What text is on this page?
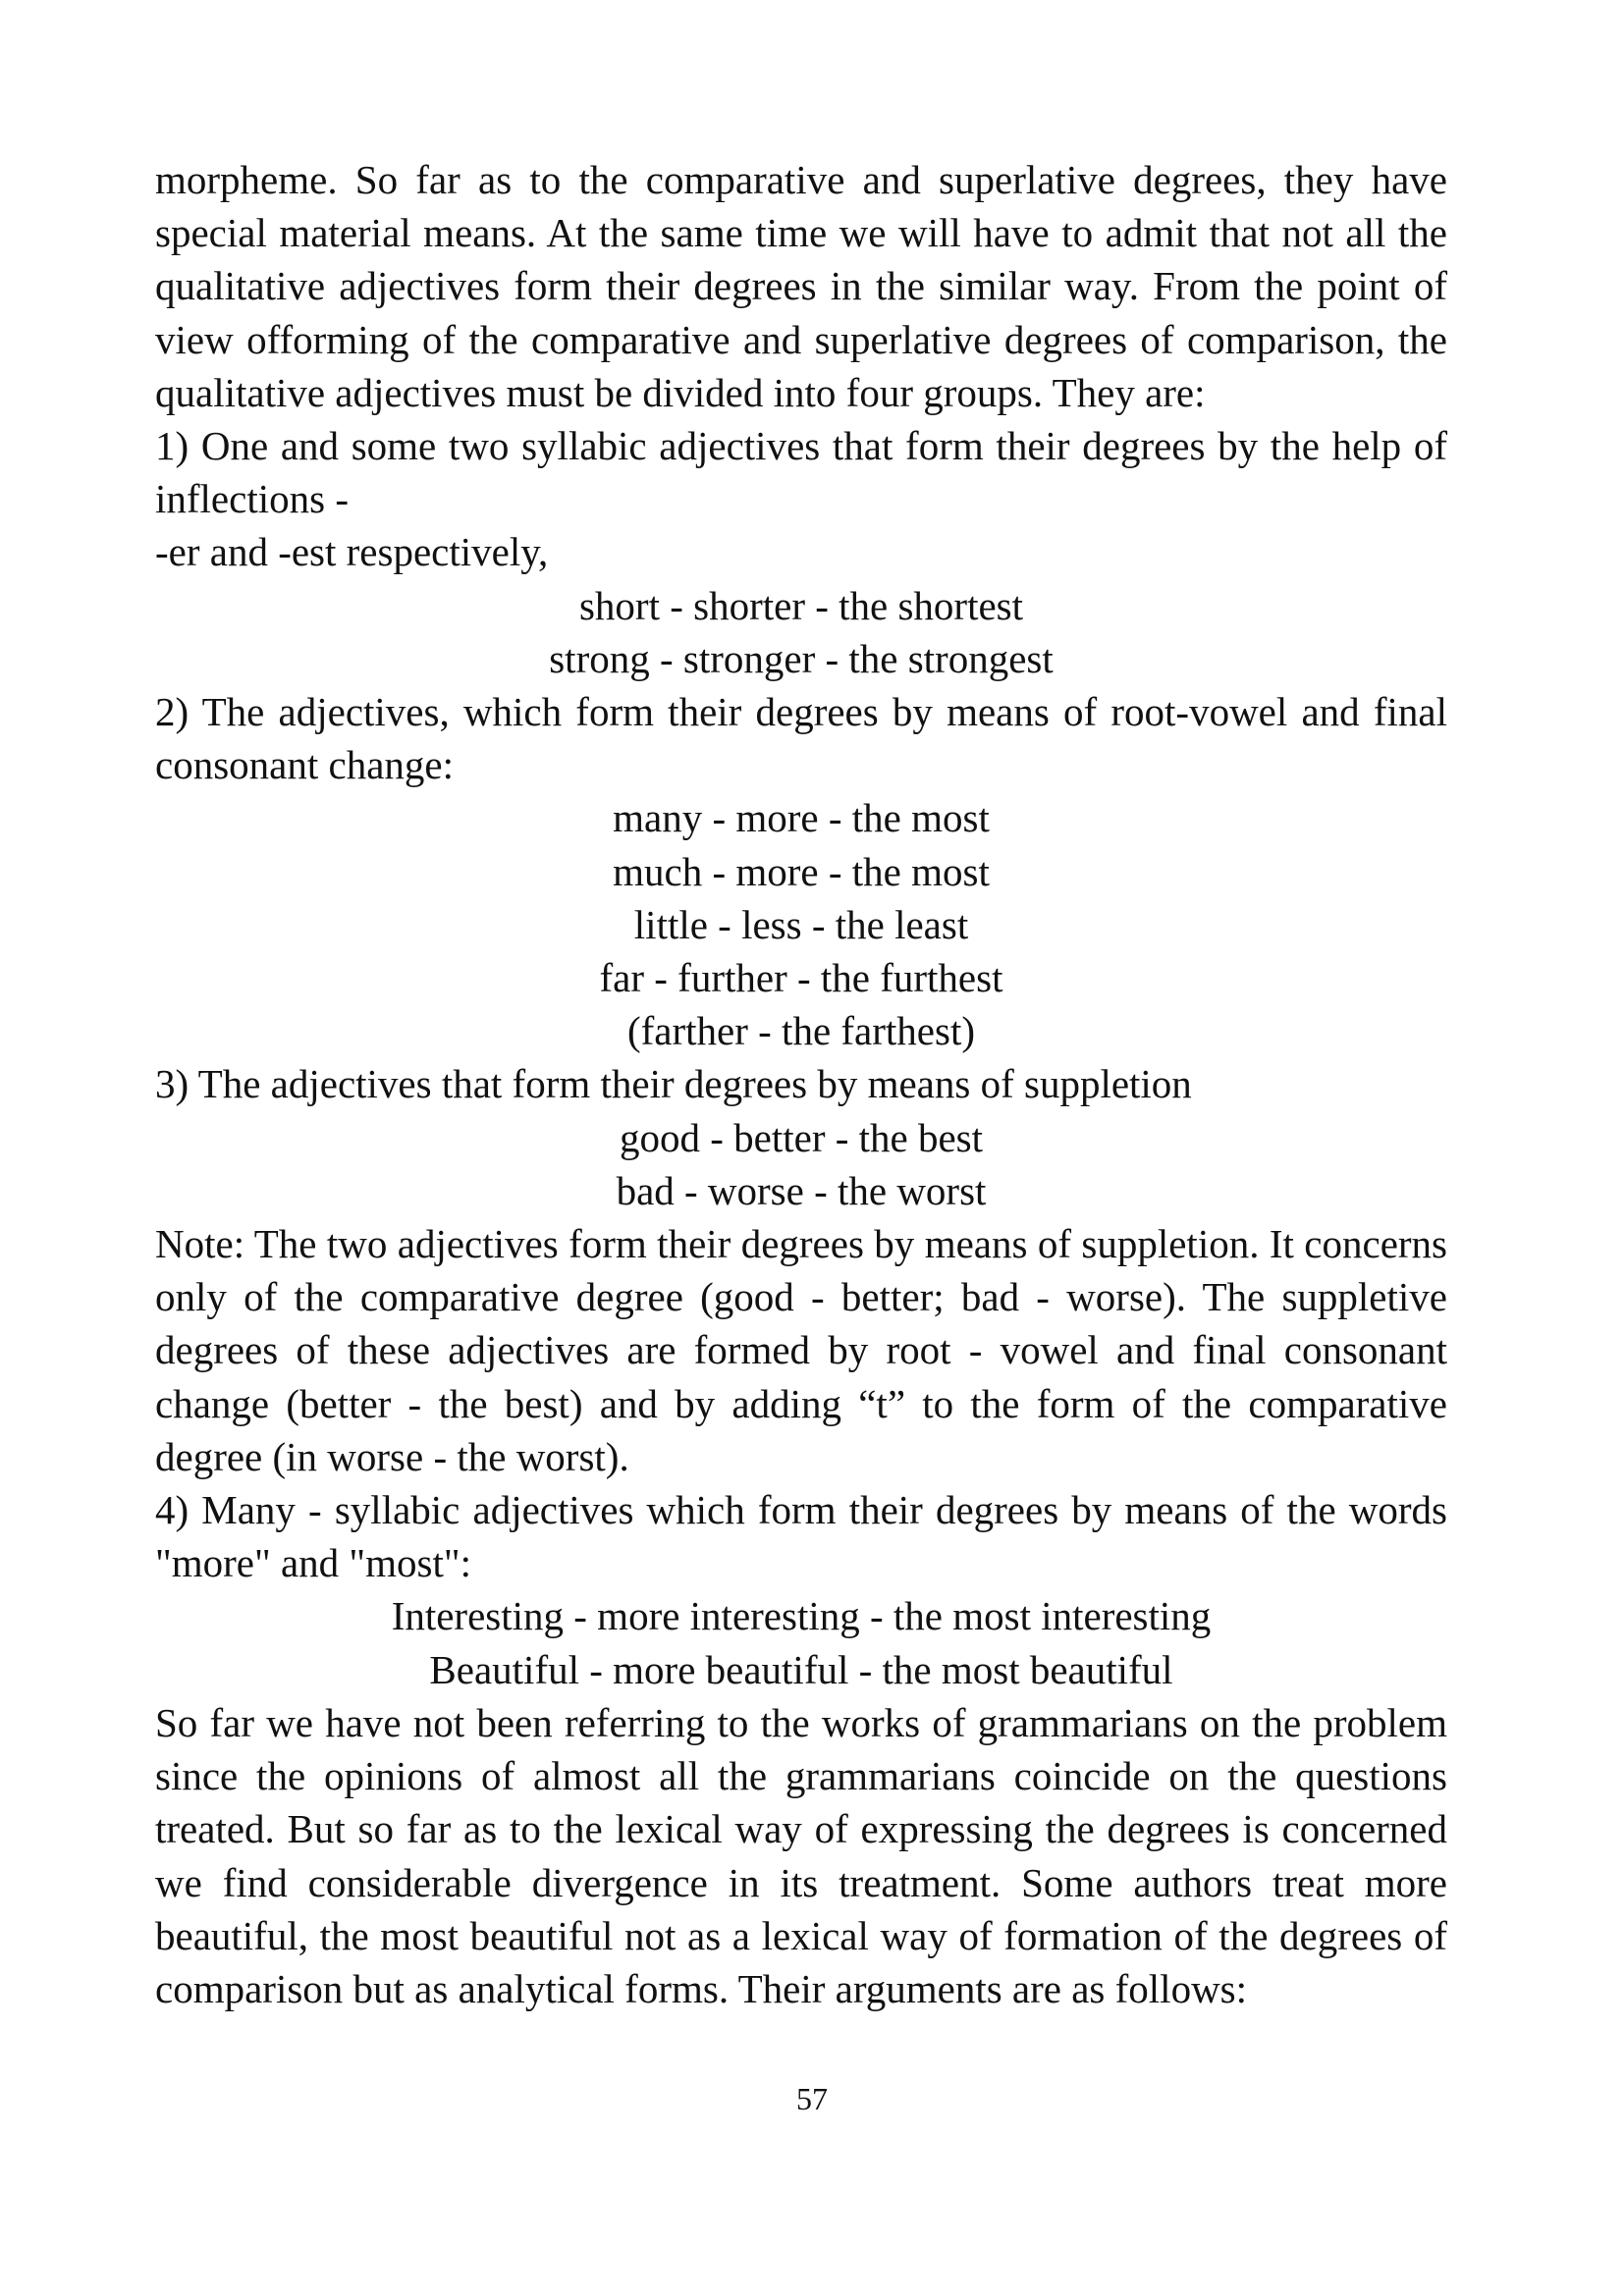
morpheme. So far as to the comparative and superlative degrees, they have special material means. At the same time we will have to admit that not all the qualitative adjectives form their degrees in the similar way. From the point of view offorming of the comparative and superlative degrees of comparison, the qualitative adjectives must be divided into four groups. They are:

1) One and some two syllabic adjectives that form their degrees by the help of inflections -

-er and -est respectively,

short - shorter - the shortest

strong - stronger - the strongest

2) The adjectives, which form their degrees by means of root-vowel and final consonant change:

many - more - the most

much - more - the most

little - less - the least

far - further - the furthest

(farther - the farthest)

3) The adjectives that form their degrees by means of suppletion

good - better - the best

bad - worse - the worst

Note: The two adjectives form their degrees by means of suppletion. It concerns only of the comparative degree (good - better; bad - worse). The suppletive degrees of these adjectives are formed by root - vowel and final consonant change (better - the best) and by adding “t” to the form of the comparative degree (in worse - the worst).

4) Many - syllabic adjectives which form their degrees by means of the words "more" and "most":

Interesting - more interesting - the most interesting

Beautiful - more beautiful - the most beautiful

So far we have not been referring to the works of grammarians on the problem since the opinions of almost all the grammarians coincide on the questions treated. But so far as to the lexical way of expressing the degrees is concerned we find considerable divergence in its treatment. Some authors treat more beautiful, the most beautiful not as a lexical way of formation of the degrees of comparison but as analytical forms. Their arguments are as follows:

57
